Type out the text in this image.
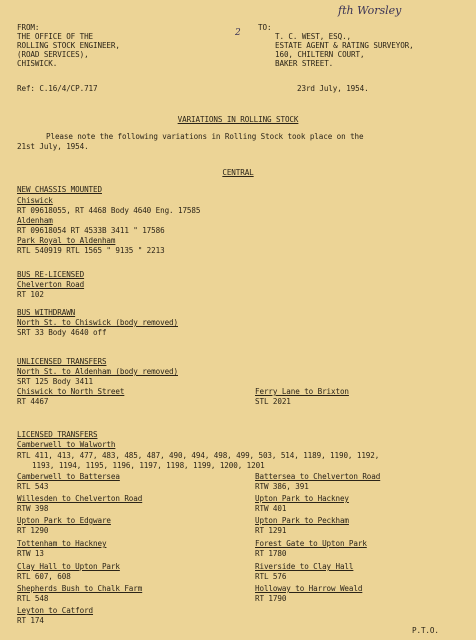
fth Worsley
2
FROM:
THE OFFICE OF THE
ROLLING STOCK ENGINEER,
(ROAD SERVICES),
CHISWICK.
TO:
T. C. WEST, ESQ.,
ESTATE AGENT & RATING SURVEYOR,
160, CHILTERN COURT,
BAKER STREET.
Ref: C.16/4/CP.717	23rd July, 1954.
VARIATIONS IN ROLLING STOCK
Please note the following variations in Rolling Stock took place on the
21st July, 1954.
CENTRAL
NEW CHASSIS MOUNTED
Chiswick
RT 09618055, RT 4468 Body 4640 Eng. 17585
Aldenham
RT 09618054 RT 4533B 3411 " 17586
Park Royal to Aldenham
RTL 540919 RTL 1565 " 9135 " 2213
BUS RE-LICENSED
Chelverton Road
RT 102
BUS WITHDRAWN
North St. to Chiswick (body removed)
SRT 33 Body 4640 off
UNLICENSED TRANSFERS
North St. to Aldenham (body removed)
SRT 125 Body 3411
Chiswick to North Street
RT 4467
Ferry Lane to Brixton
STL 2021
LICENSED TRANSFERS
Camberwell to Walworth
RTL 411, 413, 477, 483, 485, 487, 490, 494, 498, 499, 503, 514, 1189, 1190, 1192,
1193, 1194, 1195, 1196, 1197, 1198, 1199, 1200, 1201
Camberwell to Battersea
RTL 543
Willesden to Chelverton Road
RTW 398
Upton Park to Edgware
RT 1290
Tottenham to Hackney
RTW 13
Clay Hall to Upton Park
RTL 607, 608
Shepherds Bush to Chalk Farm
RTL 548
Leyton to Catford
RT 174
Battersea to Chelverton Road
RTW 386, 391
Upton Park to Hackney
RTW 401
Upton Park to Peckham
RT 1291
Forest Gate to Upton Park
RT 1780
Riverside to Clay Hall
RTL 576
Holloway to Harrow Weald
RT 1790
P.T.O.
